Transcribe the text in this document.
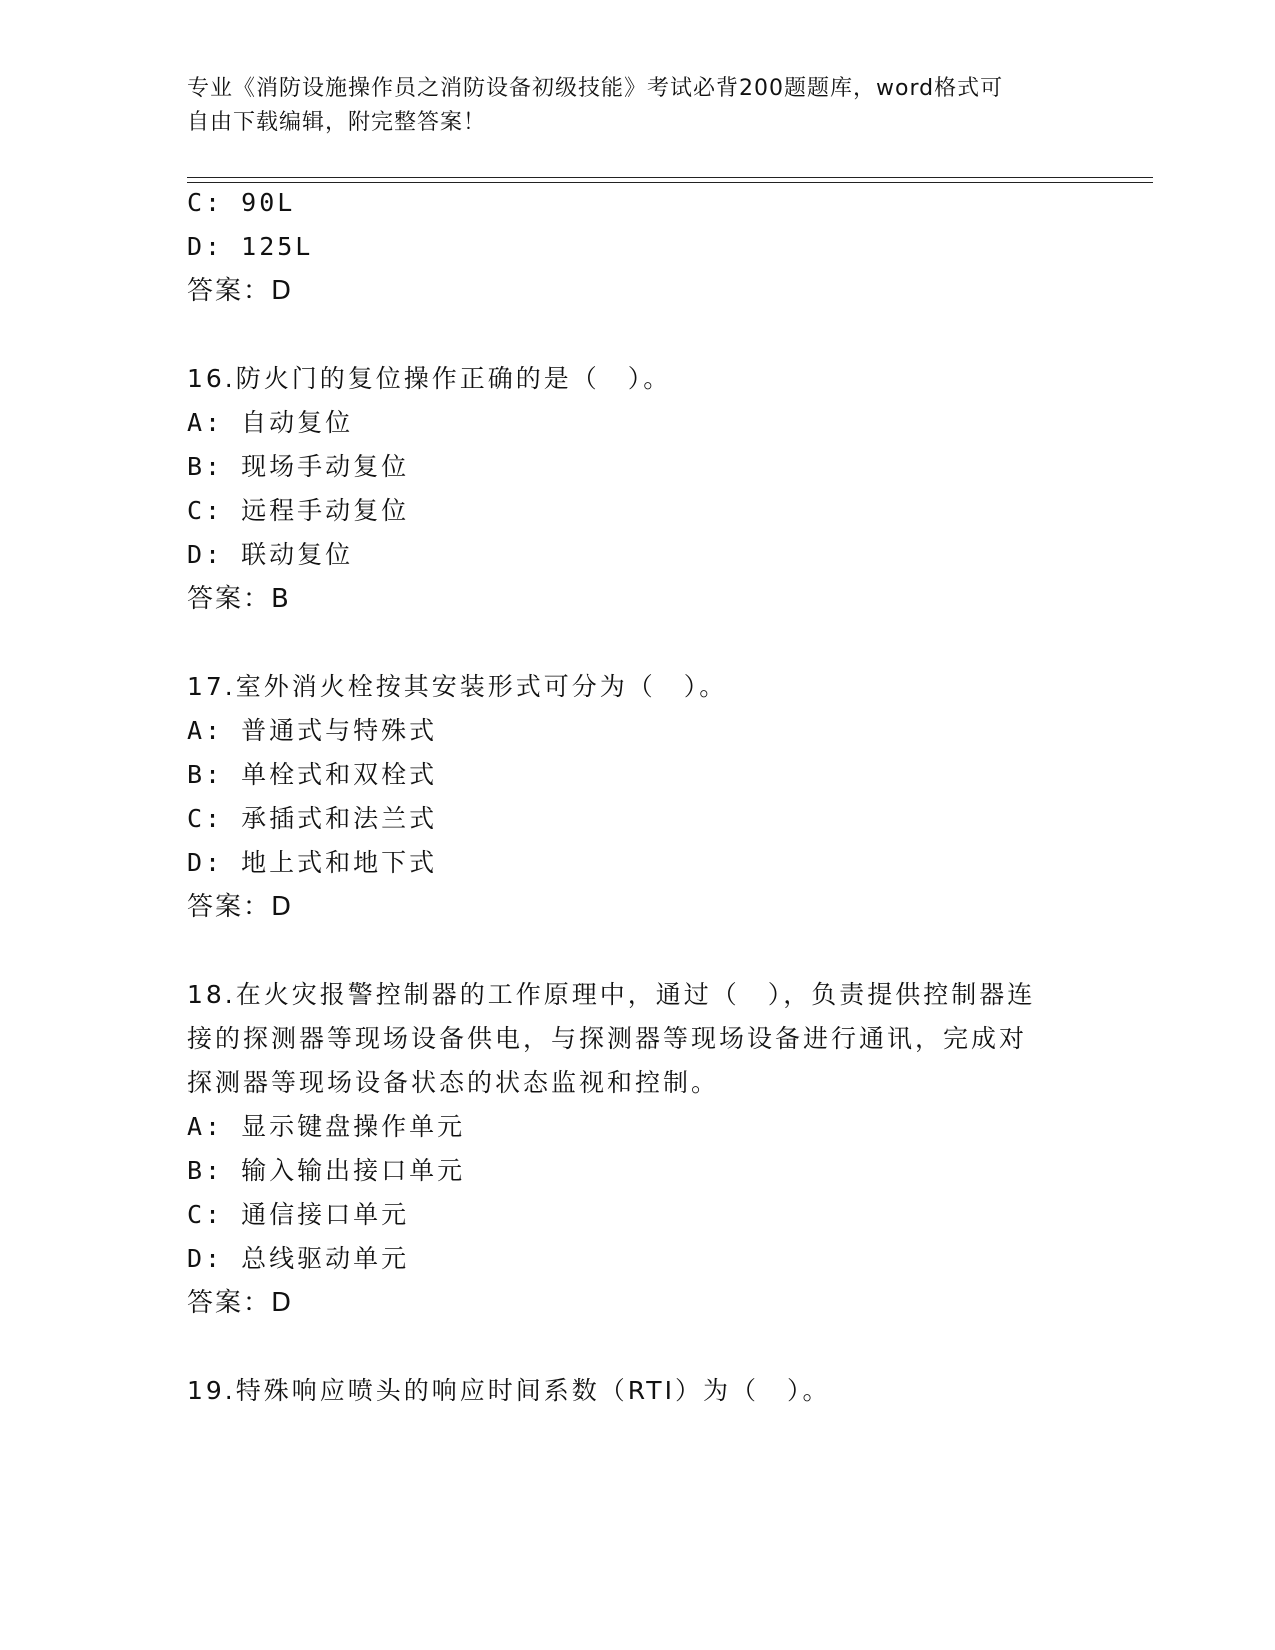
专业《消防设施操作员之消防设备初级技能》考试必背200题题库，word格式可
自由下载编辑，附完整答案！
C: 90L
D: 125L
答案：D
16.防火门的复位操作正确的是（　）。
A: 自动复位
B: 现场手动复位
C: 远程手动复位
D: 联动复位
答案：B
17.室外消火栓按其安装形式可分为（　）。
A: 普通式与特殊式
B: 单栓式和双栓式
C: 承插式和法兰式
D: 地上式和地下式
答案：D
18.在火灾报警控制器的工作原理中，通过（　），负责提供控制器连
接的探测器等现场设备供电，与探测器等现场设备进行通讯，完成对
探测器等现场设备状态的状态监视和控制。
A: 显示键盘操作单元
B: 输入输出接口单元
C: 通信接口单元
D: 总线驱动单元
答案：D
19.特殊响应喷头的响应时间系数（RTI）为（　）。
